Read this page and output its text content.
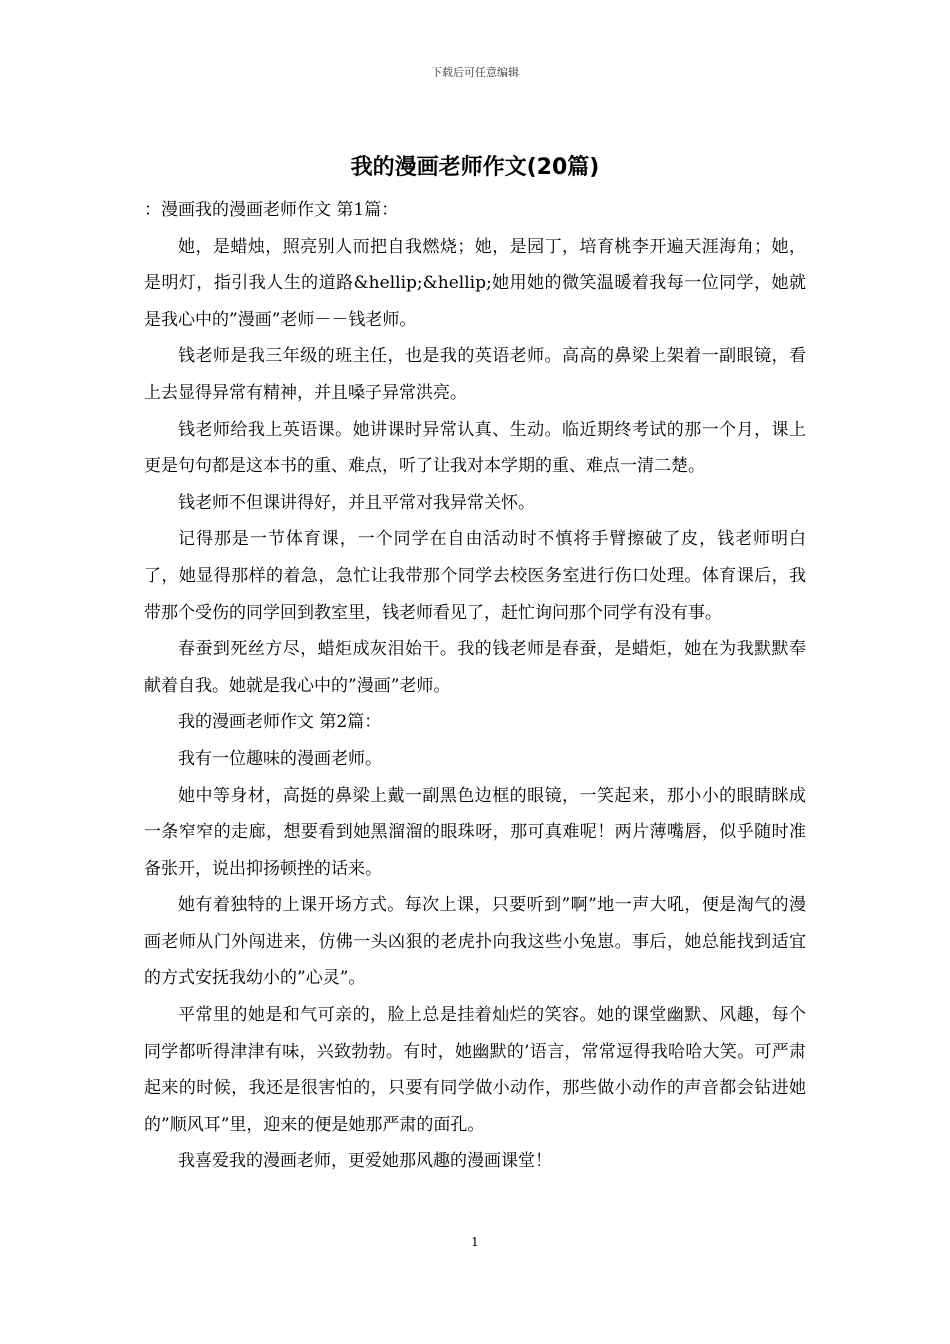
下载后可任意编辑
我的漫画老师作文(20篇)

：漫画我的漫画老师作文 第1篇：

她，是蜡烛，照亮别人而把自我燃烧；她，是园丁，培育桃李开遍天涯海角；她，是明灯，指引我人生的道路&hellip;&hellip;她用她的微笑温暖着我每一位同学，她就是我心中的”漫画”老师－－钱老师。

钱老师是我三年级的班主任，也是我的英语老师。高高的鼻梁上架着一副眼镜，看上去显得异常有精神，并且嗓子异常洪亮。

钱老师给我上英语课。她讲课时异常认真、生动。临近期终考试的那一个月，课上更是句句都是这本书的重、难点，听了让我对本学期的重、难点一清二楚。

钱老师不但课讲得好，并且平常对我异常关怀。

记得那是一节体育课，一个同学在自由活动时不慎将手臂擦破了皮，钱老师明白了，她显得那样的着急，急忙让我带那个同学去校医务室进行伤口处理。体育课后，我带那个受伤的同学回到教室里，钱老师看见了，赶忙询问那个同学有没有事。

春蚕到死丝方尽，蜡炬成灰泪始干。我的钱老师是春蚕，是蜡炬，她在为我默默奉献着自我。她就是我心中的”漫画”老师。

我的漫画老师作文 第2篇：

我有一位趣味的漫画老师。

她中等身材，高挺的鼻梁上戴一副黑色边框的眼镜，一笑起来，那小小的眼睛眯成一条窄窄的走廊，想要看到她黑溜溜的眼珠呀，那可真难呢！两片薄嘴唇，似乎随时准备张开，说出抑扬顿挫的话来。

她有着独特的上课开场方式。每次上课，只要听到”啊”地一声大吼，便是淘气的漫画老师从门外闯进来，仿佛一头凶狠的老虎扑向我这些小兔崽。事后，她总能找到适宜的方式安抚我幼小的”心灵”。

平常里的她是和气可亲的，脸上总是挂着灿烂的笑容。她的课堂幽默、风趣，每个同学都听得津津有味，兴致勃勃。有时，她幽默的’语言，常常逗得我哈哈大笑。可严肃起来的时候，我还是很害怕的，只要有同学做小动作，那些做小动作的声音都会钻进她的”顺风耳”里，迎来的便是她那严肃的面孔。

我喜爱我的漫画老师，更爱她那风趣的漫画课堂！

1
